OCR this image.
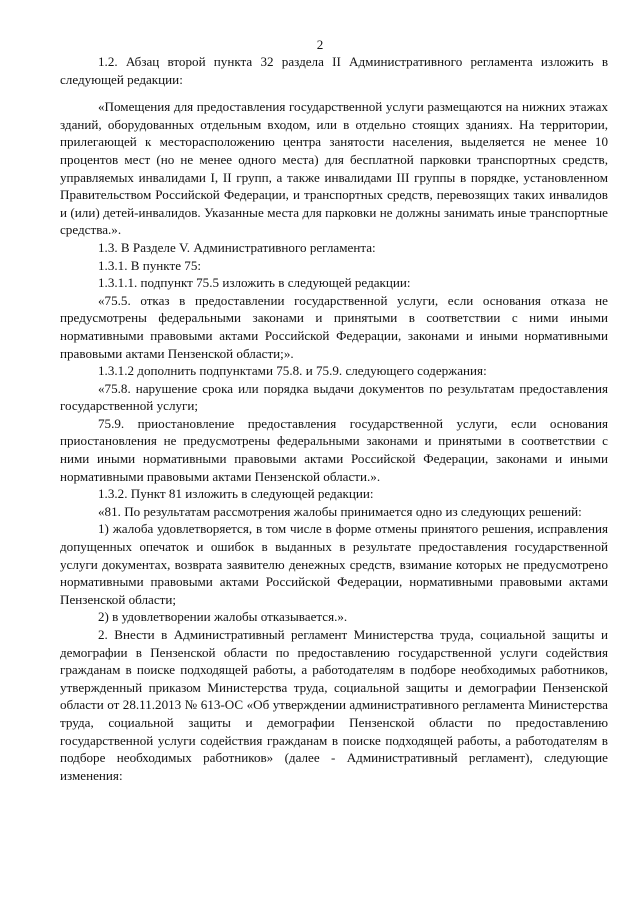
2

1.2. Абзац второй пункта 32 раздела II Административного регламента изложить в следующей редакции:

«Помещения для предоставления государственной услуги размещаются на нижних этажах зданий, оборудованных отдельным входом, или в отдельно стоящих зданиях. На территории, прилегающей к месторасположению центра занятости населения, выделяется не менее 10 процентов мест (но не менее одного места) для бесплатной парковки транспортных средств, управляемых инвалидами I, II групп, а также инвалидами III группы в порядке, установленном Правительством Российской Федерации, и транспортных средств, перевозящих таких инвалидов и (или) детей-инвалидов. Указанные места для парковки не должны занимать иные транспортные средства.».

1.3. В Разделе V. Административного регламента:

1.3.1. В пункте 75:

1.3.1.1. подпункт 75.5 изложить в следующей редакции:

«75.5. отказ в предоставлении государственной услуги, если основания отказа не предусмотрены федеральными законами и принятыми в соответствии с ними иными нормативными правовыми актами Российской Федерации, законами и иными нормативными правовыми актами Пензенской области;».

1.3.1.2 дополнить подпунктами 75.8. и 75.9. следующего содержания:

«75.8. нарушение срока или порядка выдачи документов по результатам предоставления государственной услуги;

75.9. приостановление предоставления государственной услуги, если основания приостановления не предусмотрены федеральными законами и принятыми в соответствии с ними иными нормативными правовыми актами Российской Федерации, законами и иными нормативными правовыми актами Пензенской области.».

1.3.2. Пункт 81 изложить в следующей редакции:

«81. По результатам рассмотрения жалобы принимается одно из следующих решений:

1) жалоба удовлетворяется, в том числе в форме отмены принятого решения, исправления допущенных опечаток и ошибок в выданных в результате предоставления государственной услуги документах, возврата заявителю денежных средств, взимание которых не предусмотрено нормативными правовыми актами Российской Федерации, нормативными правовыми актами Пензенской области;

2) в удовлетворении жалобы отказывается.».

2. Внести в Административный регламент Министерства труда, социальной защиты и демографии в Пензенской области по предоставлению государственной услуги содействия гражданам в поиске подходящей работы, а работодателям в подборе необходимых работников, утвержденный приказом Министерства труда, социальной защиты и демографии Пензенской области от 28.11.2013 № 613-ОС «Об утверждении административного регламента Министерства труда, социальной защиты и демографии Пензенской области по предоставлению государственной услуги содействия гражданам в поиске подходящей работы, а работодателям в подборе необходимых работников» (далее - Административный регламент), следующие изменения:
